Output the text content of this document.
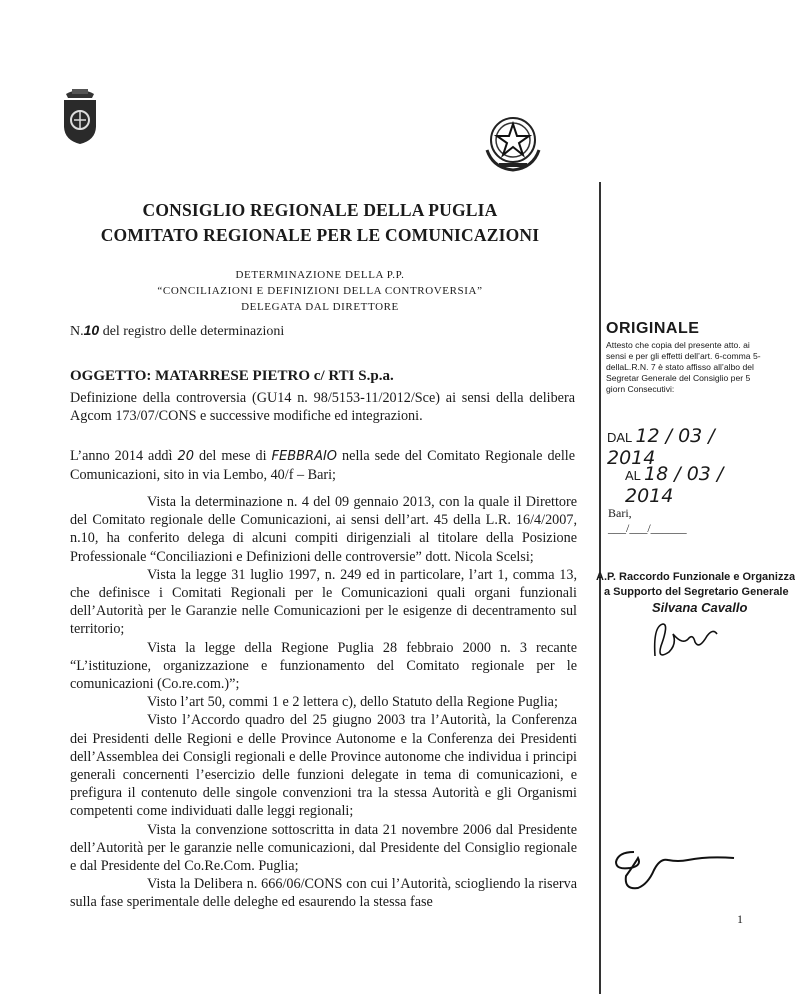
CONSIGLIO REGIONALE DELLA PUGLIA
COMITATO REGIONALE PER LE COMUNICAZIONI
DETERMINAZIONE DELLA P.P.
“CONCILIAZIONI E DEFINIZIONI DELLA CONTROVERSIA”
DELEGATA DAL DIRETTORE
N.10 del registro delle determinazioni
OGGETTO: MATARRESE PIETRO c/ RTI S.p.a.
Definizione della controversia (GU14 n. 98/5153-11/2012/Sce) ai sensi della delibera Agcom 173/07/CONS e successive modifiche ed integrazioni.
L’anno 2014 addì 20 del mese di FEBBRAIO nella sede del Comitato Regionale delle Comunicazioni, sito in via Lembo, 40/f – Bari;

Vista la determinazione n. 4 del 09 gennaio 2013, con la quale il Direttore del Comitato regionale delle Comunicazioni, ai sensi dell’art. 45 della L.R. 16/4/2007, n.10, ha conferito delega di alcuni compiti dirigenziali al titolare della Posizione Professionale “Conciliazioni e Definizioni delle controversie” dott. Nicola Scelsi;

Vista la legge 31 luglio 1997, n. 249 ed in particolare, l’art 1, comma 13, che definisce i Comitati Regionali per le Comunicazioni quali organi funzionali dell’Autorità per le Garanzie nelle Comunicazioni per le esigenze di decentramento sul territorio;

Vista la legge della Regione Puglia 28 febbraio 2000 n. 3 recante “L’istituzione, organizzazione e funzionamento del Comitato regionale per le comunicazioni (Co.re.com.)”;

Visto l’art 50, commi 1 e 2 lettera c), dello Statuto della Regione Puglia;

Visto l’Accordo quadro del 25 giugno 2003 tra l’Autorità, la Conferenza dei Presidenti delle Regioni e delle Province Autonome e la Conferenza dei Presidenti dell’Assemblea dei Consigli regionali e delle Province autonome che individua i principi generali concernenti l’esercizio delle funzioni delegate in tema di comunicazioni, e prefigura il contenuto delle singole convenzioni tra la stessa Autorità e gli Organismi competenti come individuati dalle leggi regionali;

Vista la convenzione sottoscritta in data 21 novembre 2006 dal Presidente dell’Autorità per le garanzie nelle comunicazioni, dal Presidente del Consiglio regionale e dal Presidente del Co.Re.Com. Puglia;

Vista la Delibera n. 666/06/CONS con cui l’Autorità, sciogliendo la riserva sulla fase sperimentale delle deleghe ed esaurendo la stessa fase

ORIGINALE
Attesto che copia del presente atto. ai sensi e per gli effetti dell’art. 6-comma 5-dellaL.R.N. 7 è stato affisso all’albo del Segretar Generale del Consiglio per 5 giorn Consecutivi:
DAL 12 / 03 / 2014
AL 18 / 03 / 2014
Bari,
___/___/______
A.P. Raccordo Funzionale e Organizza
a Supporto del Segretario Generale
Silvana Cavallo
1
